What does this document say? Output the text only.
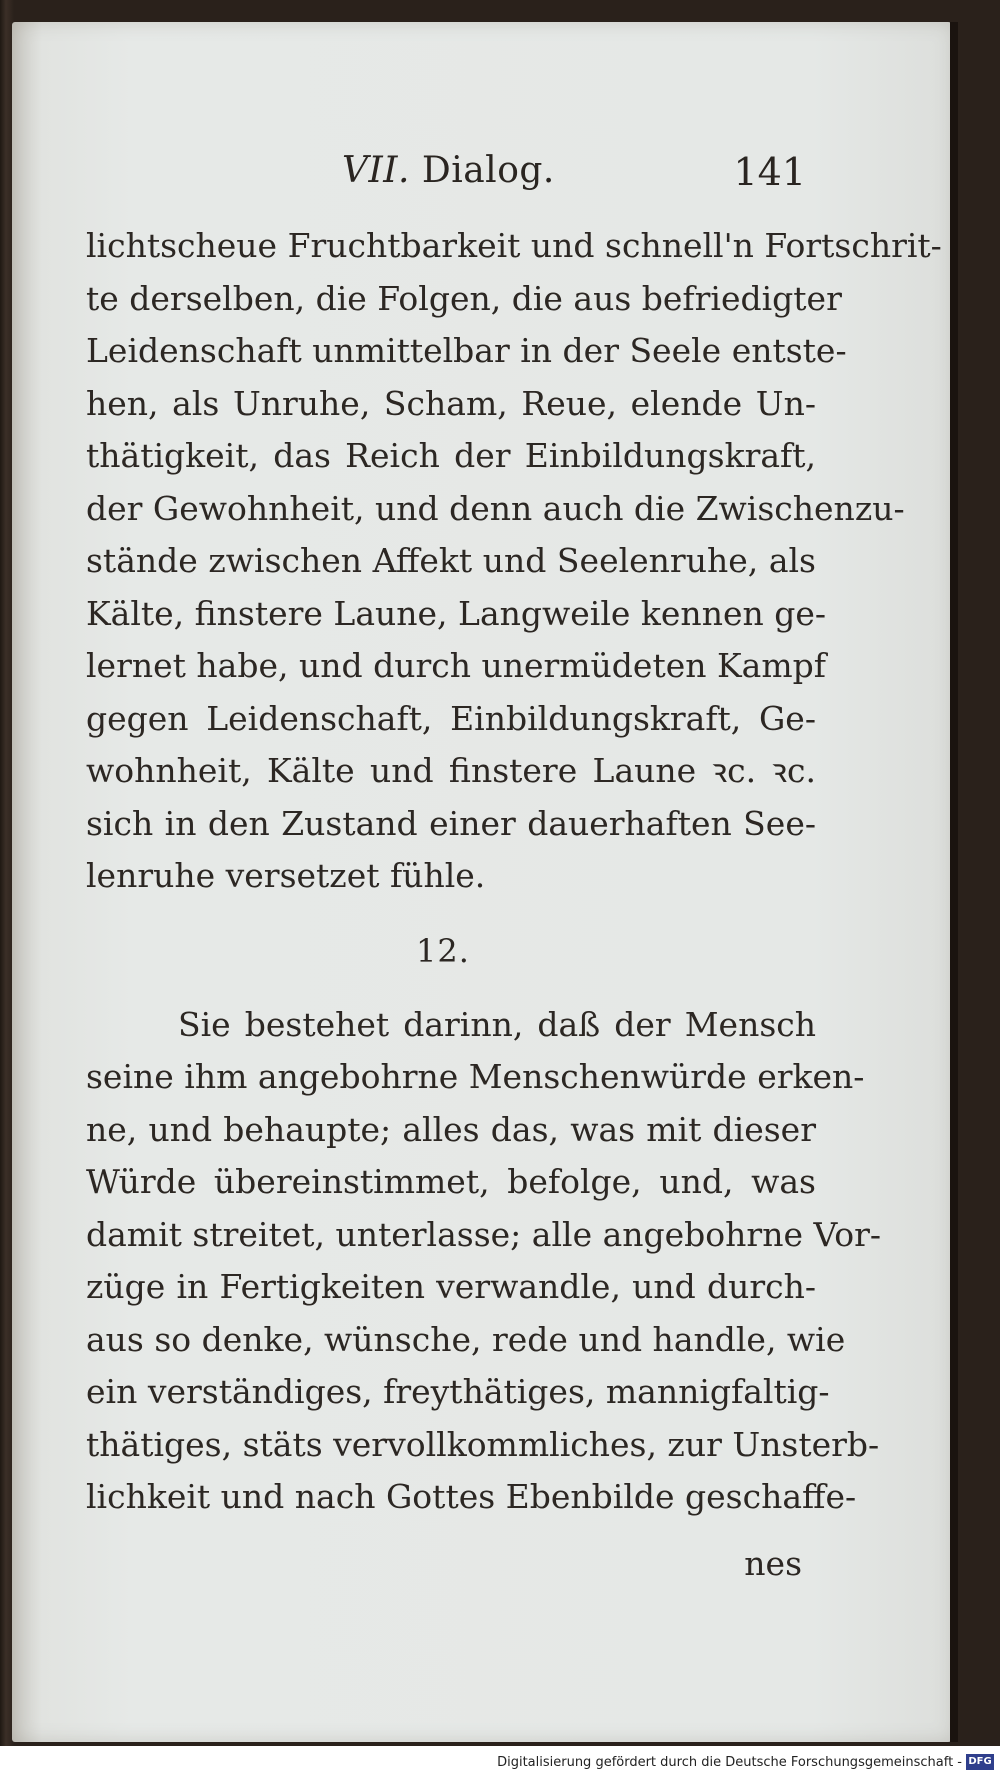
VII. Dialog.	141
lichtscheue Fruchtbarkeit und schnell'n Fortschrit-
te derselben, die Folgen, die aus befriedigter
Leidenschaft unmittelbar in der Seele entste-
hen, als Unruhe, Scham, Reue, elende Un-
thätigkeit, das Reich der Einbildungskraft,
der Gewohnheit, und denn auch die Zwischenzu-
stände zwischen Affekt und Seelenruhe, als
Kälte, finstere Laune, Langweile kennen ge-
lernet habe, und durch unermüdeten Kampf
gegen Leidenschaft, Einbildungskraft, Ge-
wohnheit, Kälte und finstere Laune ꝛc. ꝛc.
sich in den Zustand einer dauerhaften See-
lenruhe versetzet fühle.
12.
Sie bestehet darinn, daß der Mensch
seine ihm angebohrne Menschenwürde erken-
ne, und behaupte; alles das, was mit dieser
Würde übereinstimmet, befolge, und, was
damit streitet, unterlasse; alle angebohrne Vor-
züge in Fertigkeiten verwandle, und durch-
aus so denke, wünsche, rede und handle, wie
ein verständiges, freythätiges, mannigfaltig-
thätiges, stäts vervollkommliches, zur Unsterb-
lichkeit und nach Gottes Ebenbilde geschaffe-
nes
Digitalisierung gefördert durch die Deutsche Forschungsgemeinschaft - DFG
